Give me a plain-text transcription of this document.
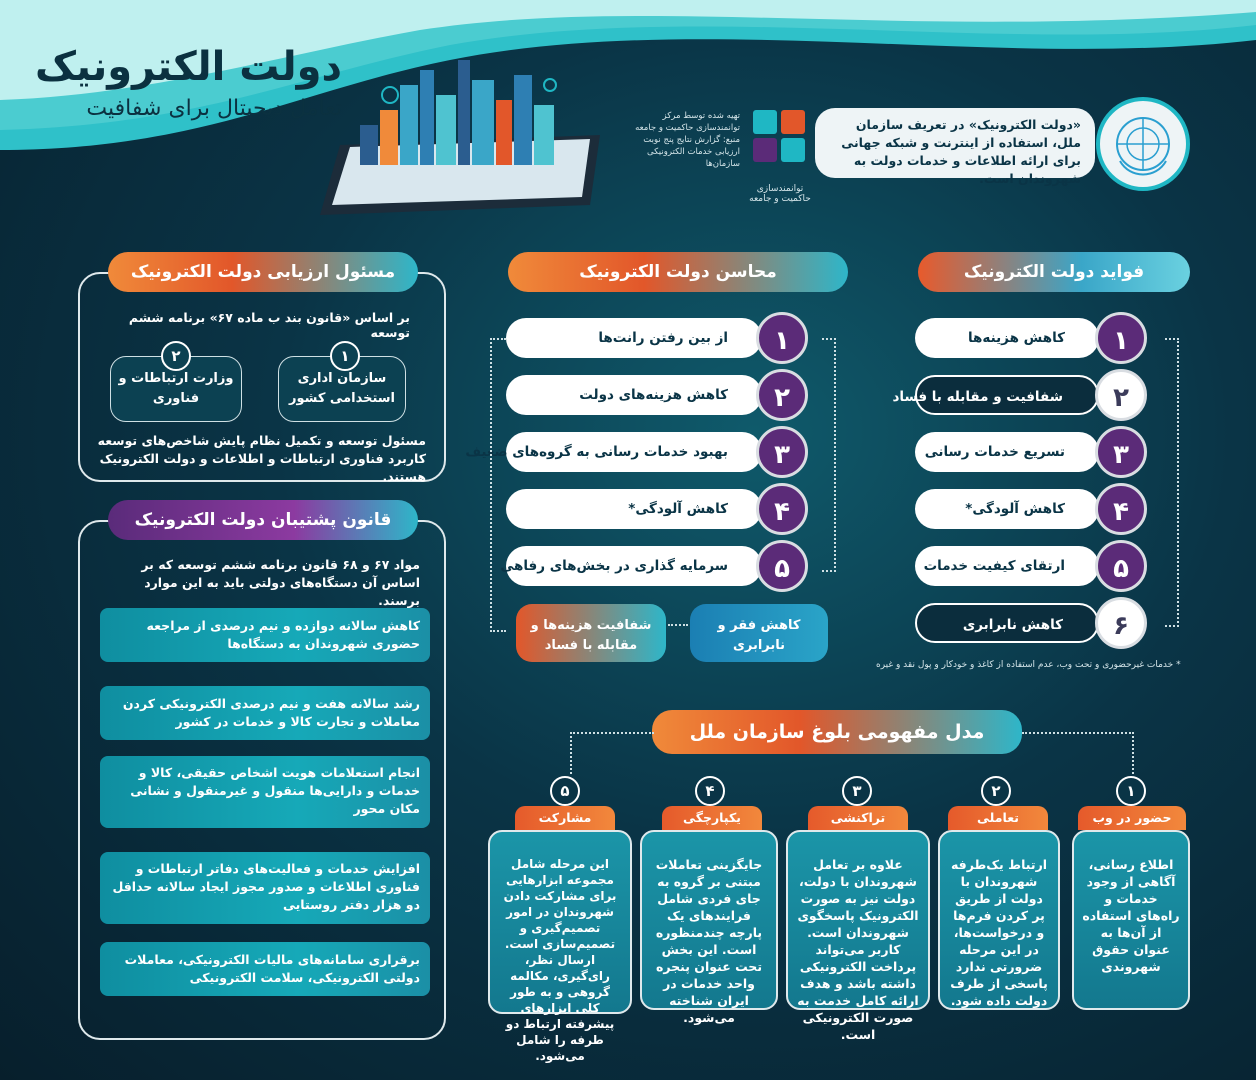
دولت الکترونیک
تعامل دیجیتال برای شفافیت	تهیه شده توسط مرکز توانمندسازی حاکمیت و جامعه منبع: گزارش نتایج پنج نوبت ارزیابی خدمات الکترونیکی سازمان‌ها
توانمندسازی حاکمیت و جامعه
«دولت الکترونیک» در تعریف سازمان ملل، استفاده از اینترنت و شبکه جهانی برای ارائه اطلاعات و خدمات دولت به شهروندان است.
فواید دولت الکترونیک
کاهش هزینه‌ها	۱
شفافیت و مقابله با فساد	۲
تسریع خدمات رسانی	۳
کاهش آلودگی*	۴
ارتقای کیفیت خدمات	۵
کاهش نابرابری	۶
* خدمات غیرحضوری و تحت وب، عدم استفاده از کاغذ و خودکار و پول نقد و غیره
محاسن دولت الکترونیک
از بین رفتن رانت‌ها	۱
کاهش هزینه‌های دولت	۲
بهبود خدمات رسانی به گروه‌های ضعیف	۳
کاهش آلودگی*	۴
سرمایه گذاری در بخش‌های رفاهی	۵
کاهش فقر و نابرابری
شفافیت هزینه‌ها و مقابله با فساد
مسئول ارزیابی دولت الکترونیک
بر اساس «قانون بند ب ماده ۶۷» برنامه ششم توسعه
سازمان اداری استخدامی کشور
۱
وزارت ارتباطات و فناوری
۲
مسئول توسعه و تکمیل نظام پایش شاخص‌های توسعه کاربرد فناوری ارتباطات و اطلاعات و دولت الکترونیک هستند.
قانون پشتیبان دولت الکترونیک
مواد ۶۷ و ۶۸ قانون برنامه ششم توسعه که بر اساس آن دستگاه‌های دولتی باید به این موارد برسند.
کاهش سالانه دوازده و نیم درصدی از مراجعه حضوری شهروندان به دستگاه‌ها
رشد سالانه هفت و نیم درصدی الکترونیکی کردن معاملات و تجارت کالا و خدمات در کشور
انجام استعلامات هویت اشخاص حقیقی، کالا و خدمات و دارایی‌ها منقول و غیرمنقول و نشانی مکان محور
افزایش خدمات و فعالیت‌های دفاتر ارتباطات و فناوری اطلاعات و صدور مجوز ایجاد سالانه حداقل دو هزار دفتر روستایی
برقراری سامانه‌های مالیات الکترونیکی، معاملات دولتی الکترونیکی، سلامت الکترونیکی
مدل مفهومی بلوغ سازمان ملل
۱
حضور در وب
اطلاع رسانی، آگاهی از وجود خدمات و راه‌های استفاده از آن‌ها به عنوان حقوق شهروندی
۲
تعاملی
ارتباط یک‌طرفه شهروندان با دولت از طریق پر کردن فرم‌ها و درخواست‌ها، در این مرحله ضرورتی ندارد پاسخی از طرف دولت داده شود.
۳
تراکنشی
علاوه بر تعامل شهروندان با دولت، دولت نیز به صورت الکترونیک پاسخگوی شهروندان است. کاربر می‌تواند پرداخت الکترونیکی داشته باشد و هدف ارائه کامل خدمت به صورت الکترونیکی است.
۴
یکپارچگی
جایگزینی تعاملات مبتنی بر گروه به جای فردی شامل فرایندهای یک پارچه چندمنظوره است. این بخش تحت عنوان پنجره واحد خدمات در ایران شناخته می‌شود.
۵
مشارکت
این مرحله شامل مجموعه ابزارهایی برای مشارکت دادن شهروندان در امور تصمیم‌گیری و تصمیم‌سازی است. ارسال نظر، رای‌گیری، مکالمه گروهی و به طور کلی ابزارهای پیشرفته ارتباط دو طرفه را شامل می‌شود.
